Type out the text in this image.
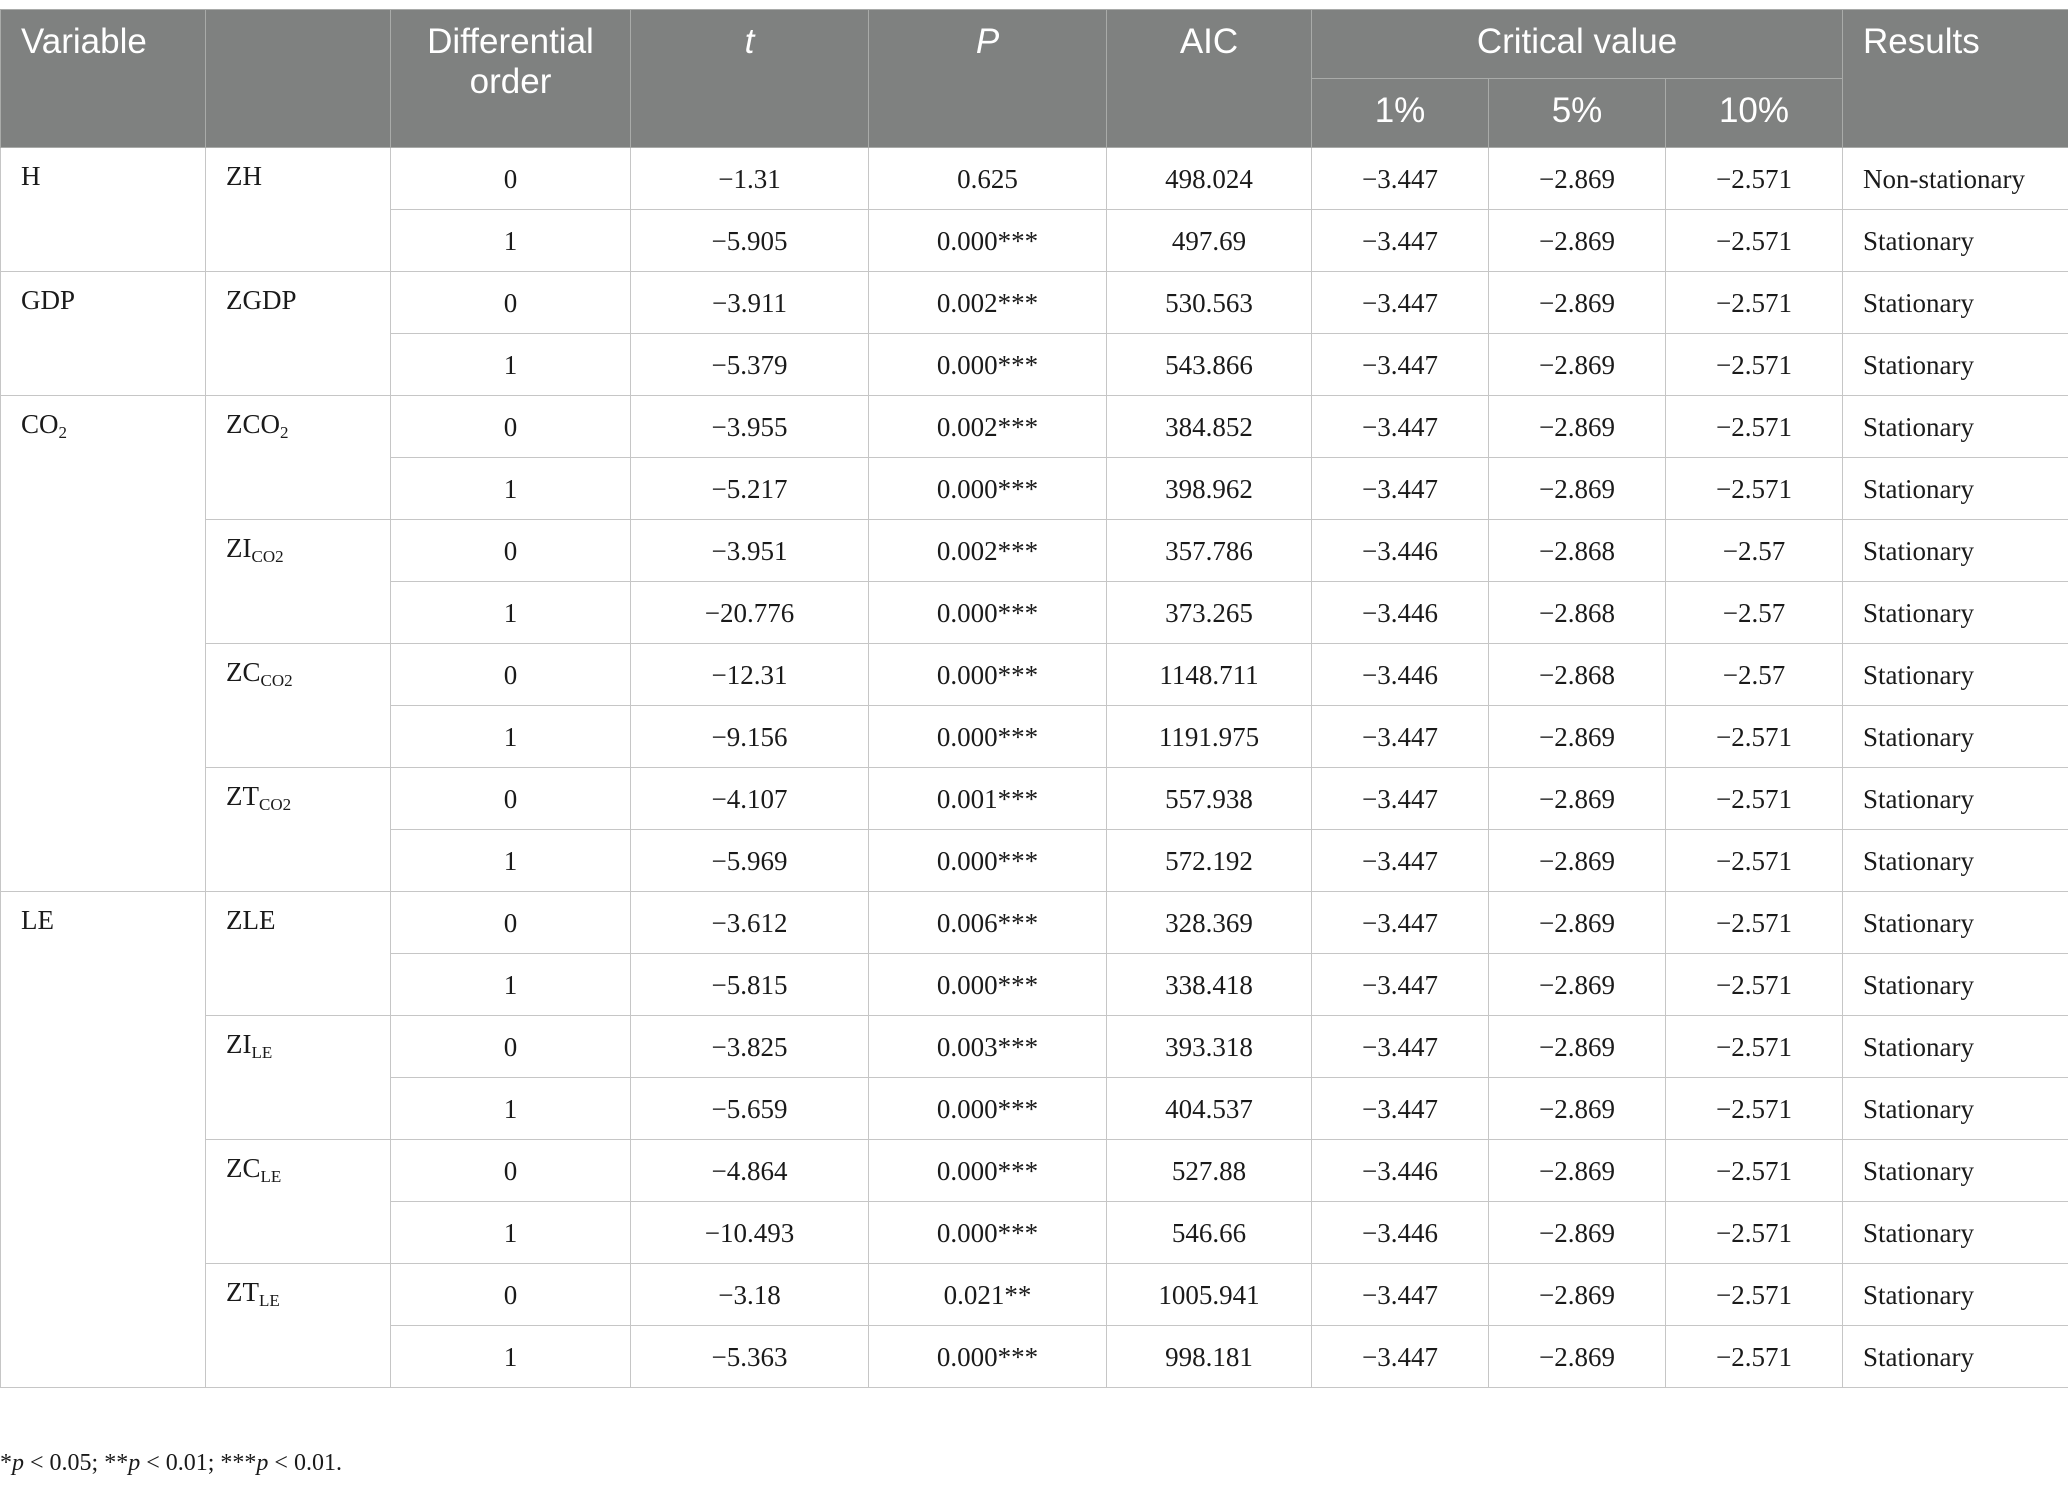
Variable		Differential order	t	P	AIC	Critical value			Results
						1%	5%	10%	
H	ZH	0	−1.31	0.625	498.024	−3.447	−2.869	−2.571	Non-stationary
		1	−5.905	0.000***	497.69	−3.447	−2.869	−2.571	Stationary
GDP	ZGDP	0	−3.911	0.002***	530.563	−3.447	−2.869	−2.571	Stationary
		1	−5.379	0.000***	543.866	−3.447	−2.869	−2.571	Stationary
$CO_2$	$ZCO_2$	0	−3.955	0.002***	384.852	−3.447	−2.869	−2.571	Stationary
		1	−5.217	0.000***	398.962	−3.447	−2.869	−2.571	Stationary
	$ZI_{CO2}$	0	−3.951	0.002***	357.786	−3.446	−2.868	−2.57	Stationary
		1	−20.776	0.000***	373.265	−3.446	−2.868	−2.57	Stationary
	$ZC_{CO2}$	0	−12.31	0.000***	1148.711	−3.446	−2.868	−2.57	Stationary
		1	−9.156	0.000***	1191.975	−3.447	−2.869	−2.571	Stationary
	$ZT_{CO2}$	0	−4.107	0.001***	557.938	−3.447	−2.869	−2.571	Stationary
		1	−5.969	0.000***	572.192	−3.447	−2.869	−2.571	Stationary
LE	ZLE	0	−3.612	0.006***	328.369	−3.447	−2.869	−2.571	Stationary
		1	−5.815	0.000***	338.418	−3.447	−2.869	−2.571	Stationary
	$ZI_{LE}$	0	−3.825	0.003***	393.318	−3.447	−2.869	−2.571	Stationary
		1	−5.659	0.000***	404.537	−3.447	−2.869	−2.571	Stationary
	$ZC_{LE}$	0	−4.864	0.000***	527.88	−3.446	−2.869	−2.571	Stationary
		1	−10.493	0.000***	546.66	−3.446	−2.869	−2.571	Stationary
	$ZT_{LE}$	0	−3.18	0.021**	1005.941	−3.447	−2.869	−2.571	Stationary
		1	−5.363	0.000***	998.181	−3.447	−2.869	−2.571	Stationary

*p < 0.05; **p < 0.01; ***p < 0.01.
